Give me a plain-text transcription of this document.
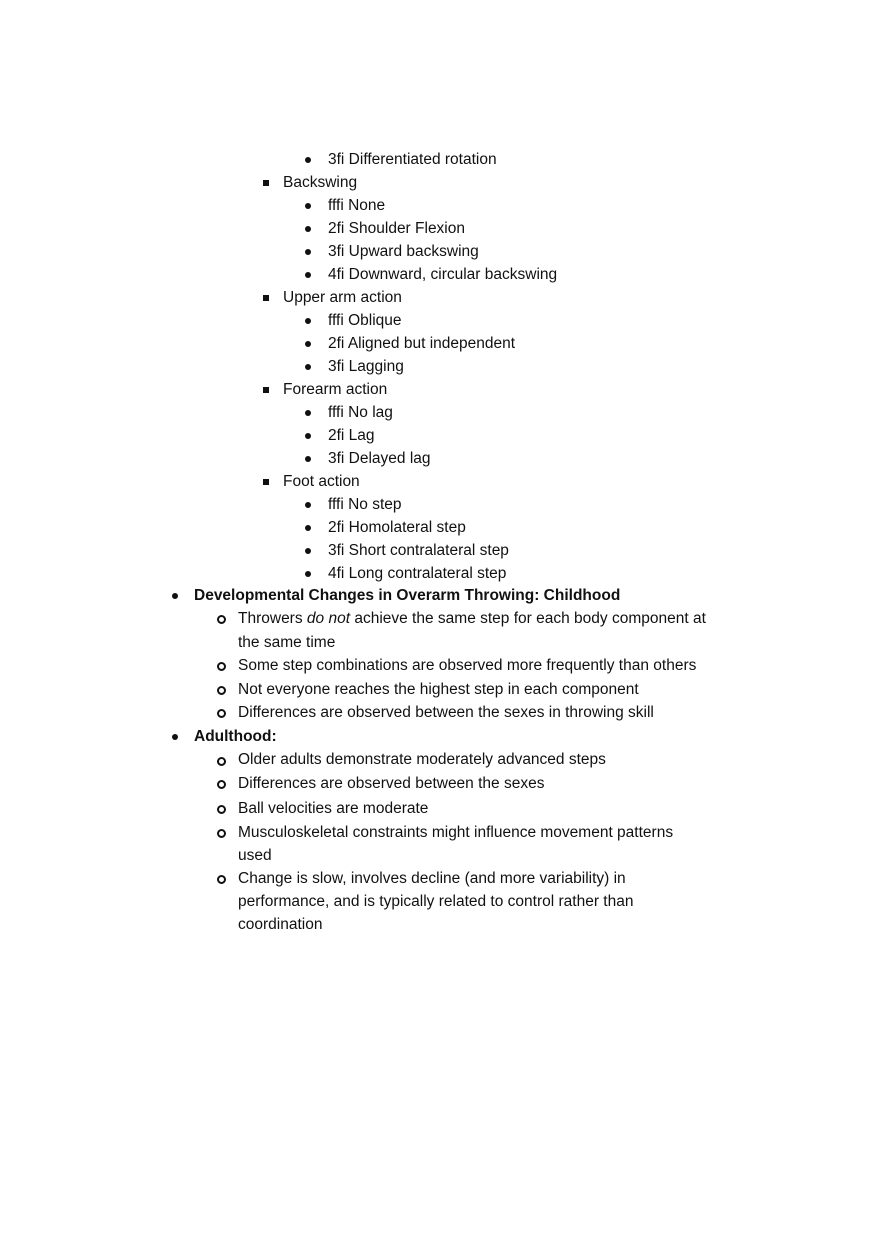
3fi Differentiated rotation
Backswing
fffi None
2fi Shoulder Flexion
3fi Upward backswing
4fi Downward, circular backswing
Upper arm action
fffi Oblique
2fi Aligned but independent
3fi Lagging
Forearm action
fffi No lag
2fi Lag
3fi Delayed lag
Foot action
fffi No step
2fi Homolateral step
3fi Short contralateral step
4fi Long contralateral step
Developmental Changes in Overarm Throwing: Childhood
Throwers do not achieve the same step for each body component at
the same time
Some step combinations are observed more frequently than others
Not everyone reaches the highest step in each component
Differences are observed between the sexes in throwing skill
Adulthood:
Older adults demonstrate moderately advanced steps
Differences are observed between the sexes
Ball velocities are moderate
Musculoskeletal constraints might influence movement patterns
used
Change is slow, involves decline (and more variability) in
performance, and is typically related to control rather than
coordination
